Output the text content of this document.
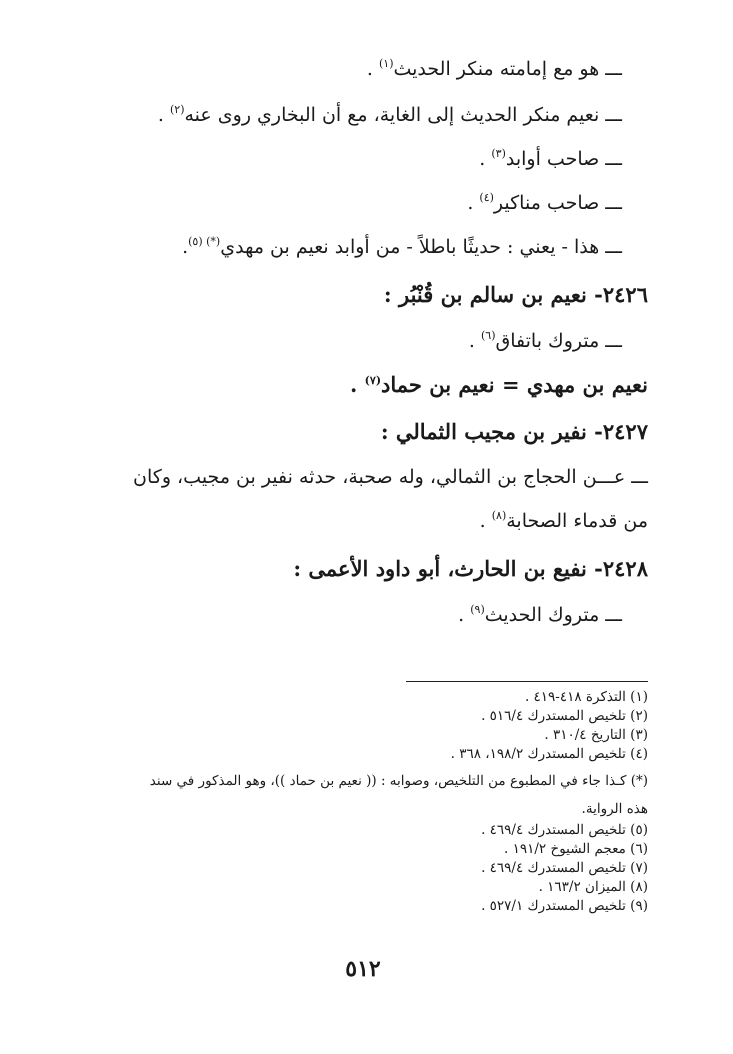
ـــ هو مع إمامته منكر الحديث$^{(١)}$ .
ـــ نعيم منكر الحديث إلى الغاية، مع أن البخاري روى عنه$^{(٢)}$ .
ـــ صاحب أوابد$^{(٣)}$ .
ـــ صاحب مناكير$^{(٤)}$ .
ـــ هذا - يعني : حديثًا باطلاً - من أوابد نعيم بن مهدي$^{(*) (٥)}$.
٢٤٢٦- نعيم بن سالم بن قُنْبُر :
ـــ متروك باتفاق$^{(٦)}$ .
نعيم بن مهدي = نعيم بن حماد$^{(٧)}$ .
٢٤٢٧- نفير بن مجيب الثمالي :
ـــ عـــن الحجاج بن الثمالي، وله صحبة، حدثه نفير بن مجيب، وكان
من قدماء الصحابة$^{(٨)}$ .
٢٤٢٨- نفيع بن الحارث، أبو داود الأعمى :
ـــ متروك الحديث$^{(٩)}$ .
(١) التذكرة ٤١٨-٤١٩ .
(٢) تلخيص المستدرك ٥١٦/٤ .
(٣) التاريخ ٣١٠/٤ .
(٤) تلخيص المستدرك ١٩٨/٢، ٣٦٨ .
(*) كـذا جاء في المطبوع من التلخيص، وصوابه : (( نعيم بن حماد ))، وهو المذكور في سند
هذه الرواية.
(٥) تلخيص المستدرك ٤٦٩/٤ .
(٦) معجم الشيوخ ١٩١/٢ .
(٧) تلخيص المستدرك ٤٦٩/٤ .
(٨) الميزان ١٦٣/٢ .
(٩) تلخيص المستدرك ٥٢٧/١ .
٥١٢
